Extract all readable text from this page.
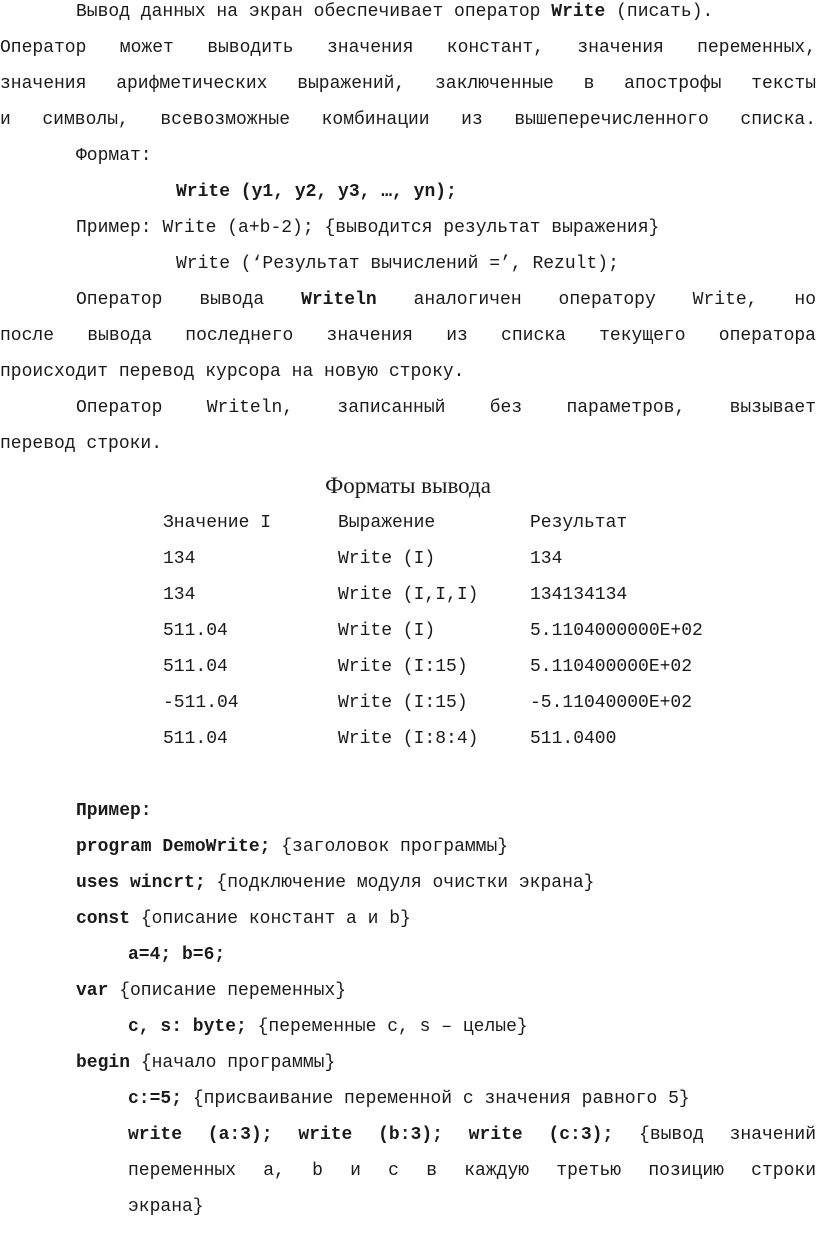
Вывод данных на экран обеспечивает оператор Write (писать).
Оператор может выводить значения констант, значения переменных,
значения арифметических выражений, заключенные в апострофы тексты
и символы, всевозможные комбинации из вышеперечисленного списка.
Формат:
Write (y1, y2, y3, …, yn);
Пример: Write (a+b-2); {выводится результат выражения}
Write (‘Результат вычислений =’, Rezult);
Оператор вывода Writeln аналогичен оператору Write, но
после вывода последнего значения из списка текущего оператора
происходит перевод курсора на новую строку.
Оператор Writeln, записанный без параметров, вызывает
перевод строки.
Форматы вывода
Значение I	Выражение	Результат
134	Write (I)	134
134	Write (I,I,I)	134134134
511.04	Write (I)	5.1104000000E+02
511.04	Write (I:15)	5.110400000E+02
-511.04	Write (I:15)	-5.11040000E+02
511.04	Write (I:8:4)	511.0400
Пример:
program DemoWrite; {заголовок программы}
uses wincrt; {подключение модуля очистки экрана}
const {описание констант a и b}
a=4; b=6;
var {описание переменных}
c, s: byte; {переменные c, s – целые}
begin {начало программы}
c:=5; {присваивание переменной c значения равного 5}
write (a:3); write (b:3); write (c:3); {вывод значений
переменных a, b и c в каждую третью позицию строки
экрана}
